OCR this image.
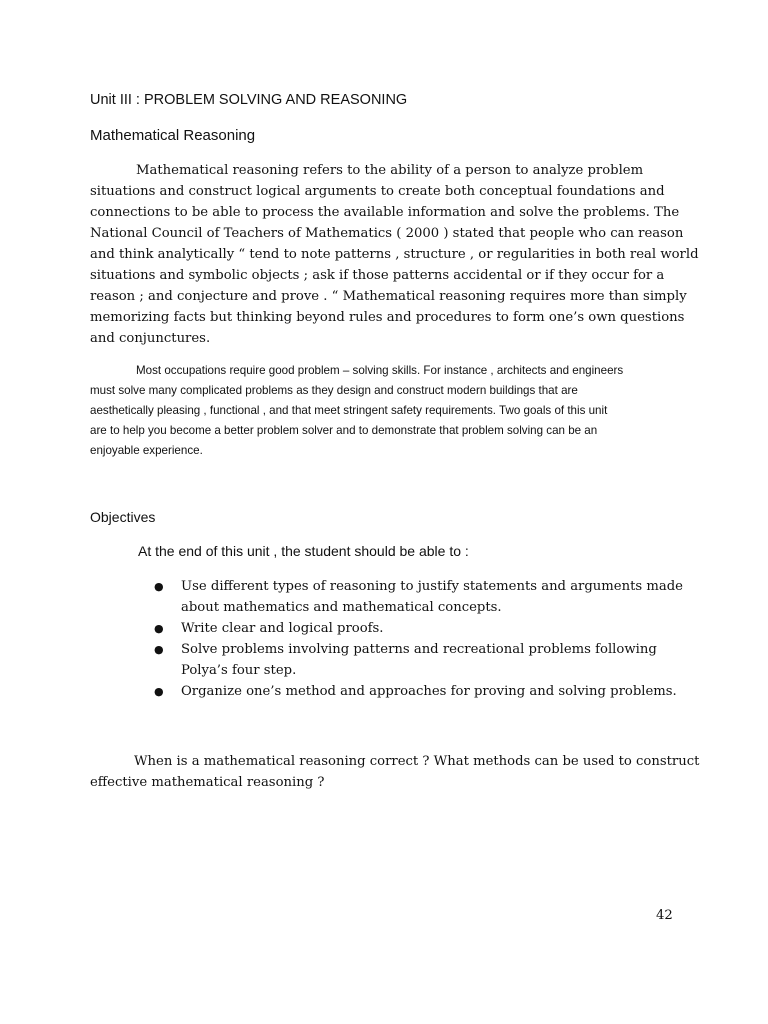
Unit III : PROBLEM SOLVING AND REASONING
Mathematical Reasoning

Mathematical reasoning refers to the ability of a person to analyze problem
situations and construct logical arguments to create both conceptual foundations and
connections to be able to process the available information and solve the problems. The
National Council of Teachers of Mathematics ( 2000 ) stated that people who can reason
and think analytically “ tend to note patterns , structure , or regularities in both real world
situations and symbolic objects ; ask if those patterns accidental or if they occur for a
reason ; and conjecture and prove . “ Mathematical reasoning requires more than simply
memorizing facts but thinking beyond rules and procedures to form one’s own questions
and conjunctures.

Most occupations require good problem – solving skills. For instance , architects and engineers
must solve many complicated problems as they design and construct modern buildings that are
aesthetically pleasing , functional , and that meet stringent safety requirements. Two goals of this unit
are to help you become a better problem solver and to demonstrate that problem solving can be an
enjoyable experience.

Objectives
At the end of this unit , the student should be able to :
● Use different types of reasoning to justify statements and arguments made
about mathematics and mathematical concepts.
● Write clear and logical proofs.
● Solve problems involving patterns and recreational problems following
Polya’s four step.
● Organize one’s method and approaches for proving and solving problems.

When is a mathematical reasoning correct ? What methods can be used to construct
effective mathematical reasoning ?

42
